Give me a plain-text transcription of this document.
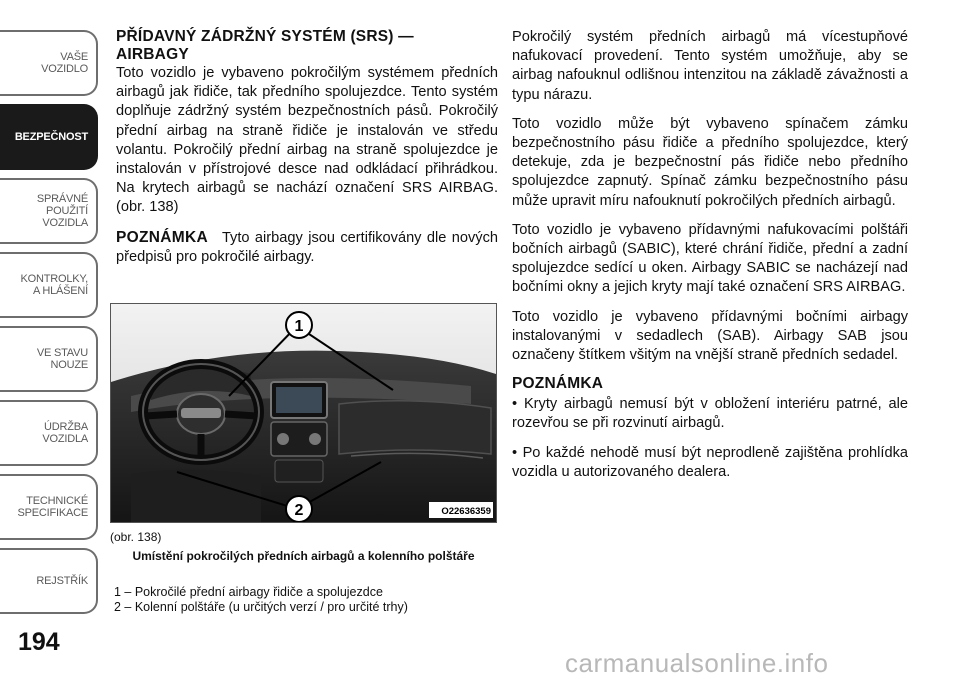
VAŠE
VOZIDLO
BEZPEČNOST
SPRÁVNÉ
POUŽITÍ
VOZIDLA
KONTROLKY,
A HLÁŠENÍ
VE STAVU
NOUZE
ÚDRŽBA
VOZIDLA
TECHNICKÉ
SPECIFIKACE
REJSTŘÍK
194

PŘÍDAVNÝ ZÁDRŽNÝ SYSTÉM (SRS) —
AIRBAGY

Toto vozidlo je vybaveno pokročilým systémem předních airbagů jak řidiče, tak předního spolujezdce. Tento systém doplňuje zádržný systém bezpečnostních pásů. Pokročilý přední airbag na straně řidiče je instalován ve středu volantu. Pokročilý přední airbag na straně spolujezdce je instalován v přístrojové desce nad odkládací přihrádkou. Na krytech airbagů se nachází označení SRS AIRBAG. (obr. 138)

POZNÁMKA Tyto airbagy jsou certifikovány dle nových předpisů pro pokročilé airbagy.

1
2	O22636359
(obr. 138)
Umístění pokročilých předních airbagů a kolenního polštáře
1 – Pokročilé přední airbagy řidiče a spolujezdce
2 – Kolenní polštáře (u určitých verzí / pro určité trhy)

Pokročilý systém předních airbagů má vícestupňové nafukovací provedení. Tento systém umožňuje, aby se airbag nafouknul odlišnou intenzitou na základě závažnosti a typu nárazu.

Toto vozidlo může být vybaveno spínačem zámku bezpečnostního pásu řidiče a předního spolujezdce, který detekuje, zda je bezpečnostní pás řidiče nebo předního spolujezdce zapnutý. Spínač zámku bezpečnostního pásu může upravit míru nafouknutí pokročilých předních airbagů.

Toto vozidlo je vybaveno přídavnými nafukovacími polštáři bočních airbagů (SABIC), které chrání řidiče, přední a zadní spolujezdce sedící u oken. Airbagy SABIC se nacházejí nad bočními okny a jejich kryty mají také označení SRS AIRBAG.

Toto vozidlo je vybaveno přídavnými bočními airbagy instalovanými v sedadlech (SAB). Airbagy SAB jsou označeny štítkem všitým na vnější straně předních sedadel.

POZNÁMKA

• Kryty airbagů nemusí být v obložení interiéru patrné, ale rozevřou se při rozvinutí airbagů.

• Po každé nehodě musí být neprodleně zajištěna prohlídka vozidla u autorizovaného dealera.

carmanualsonline.info
